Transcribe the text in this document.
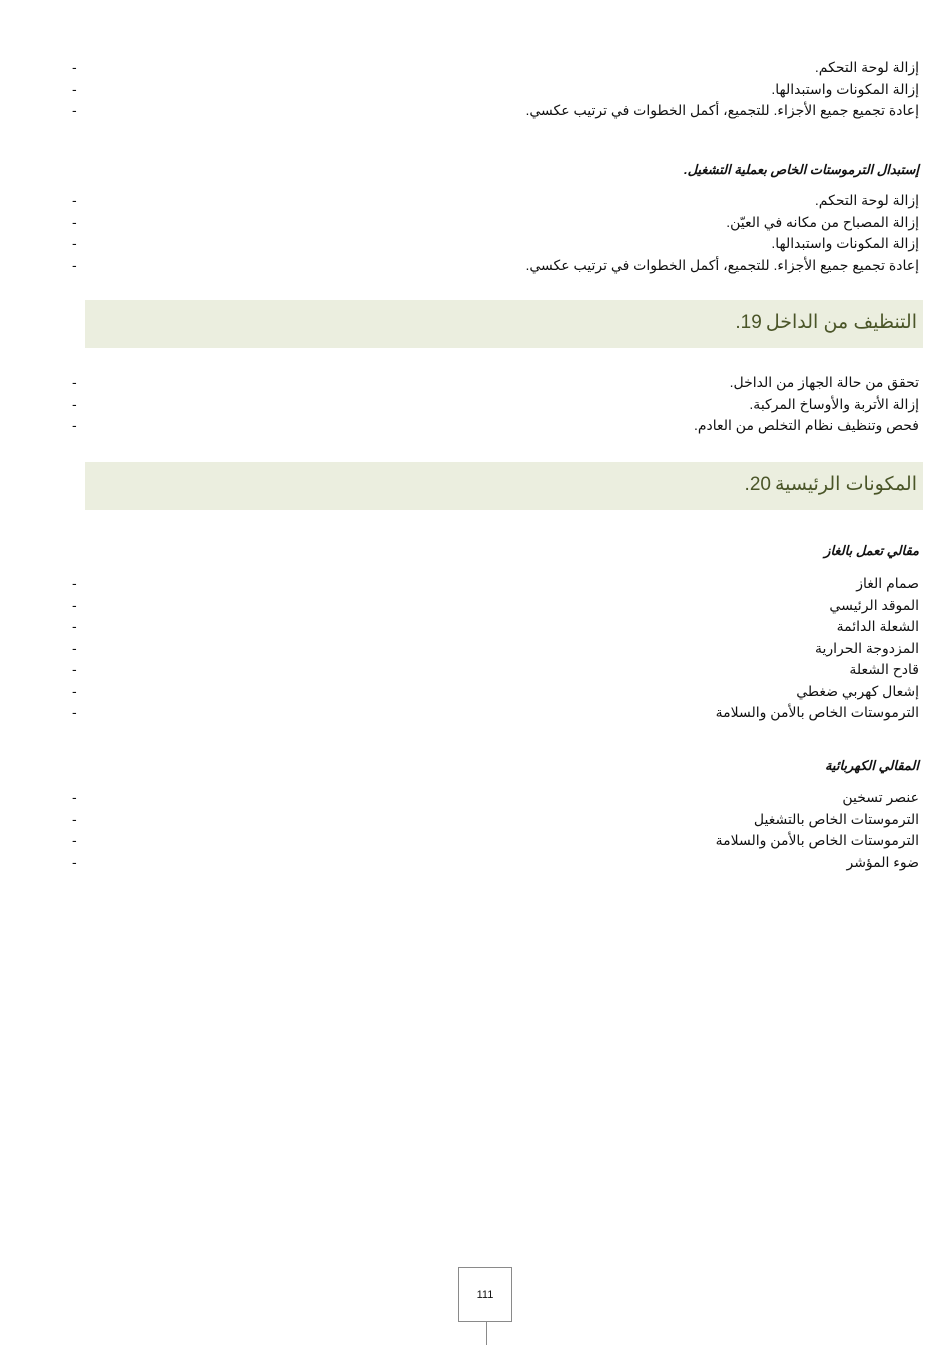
إزالة لوحة التحكم.
-
إزالة المكونات واستبدالها.
-
إعادة تجميع جميع الأجزاء. للتجميع، أكمل الخطوات في ترتيب عكسي.
-
إستبدال الترموستات الخاص بعملية التشغيل.
إزالة لوحة التحكم.
-
إزالة المصباح من مكانه في العيّن.
-
إزالة المكونات واستبدالها.
-
إعادة تجميع جميع الأجزاء. للتجميع، أكمل الخطوات في ترتيب عكسي.
-
التنظيف من الداخل19.
تحقق من حالة الجهاز من الداخل.
-
إزالة الأتربة والأوساخ المركبة.
-
فحص وتنظيف نظام التخلص من العادم.
-
المكونات الرئيسية20.
مقالي تعمل بالغاز
صمام الغاز
-
الموقد الرئيسي
-
الشعلة الدائمة
-
المزدوجة الحرارية
-
قادح الشعلة
-
إشعال كهربي ضغطي
-
الترموستات الخاص بالأمن والسلامة
-
المقالي الكهربائية
عنصر تسخين
-
الترموستات الخاص بالتشغيل
-
الترموستات الخاص بالأمن والسلامة
-
ضوء المؤشر
-
111
